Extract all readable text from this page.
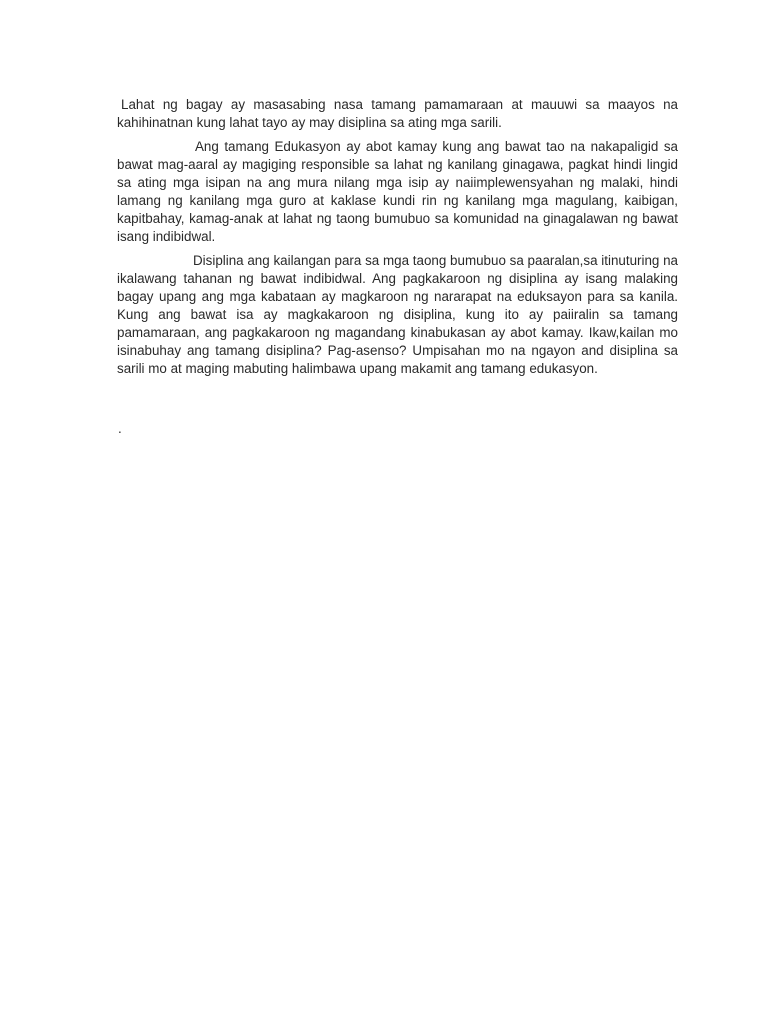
Lahat ng bagay ay masasabing nasa tamang pamamaraan at mauuwi sa maayos na kahihinatnan kung lahat tayo ay may disiplina sa ating mga sarili.

Ang tamang Edukasyon ay abot kamay kung ang bawat tao na nakapaligid sa bawat mag-aaral ay magiging responsible sa lahat ng kanilang ginagawa, pagkat hindi lingid sa ating mga isipan na ang mura nilang mga isip ay naiimplewensyahan ng malaki, hindi lamang ng kanilang mga guro at kaklase kundi rin ng kanilang mga magulang, kaibigan, kapitbahay, kamag-anak at lahat ng taong bumubuo sa komunidad na ginagalawan ng bawat isang indibidwal.

Disiplina ang kailangan para sa mga taong bumubuo sa paaralan,sa itinuturing na ikalawang tahanan ng bawat indibidwal. Ang pagkakaroon ng disiplina ay isang malaking bagay upang ang mga kabataan ay magkaroon ng nararapat na eduksayon para sa kanila. Kung ang bawat isa ay magkakaroon ng disiplina, kung ito ay paiiralin sa tamang pamamaraan, ang pagkakaroon ng magandang kinabukasan ay abot kamay. Ikaw,kailan mo isinabuhay ang tamang disiplina? Pag-asenso? Umpisahan mo na ngayon and disiplina sa sarili mo at maging mabuting halimbawa upang makamit ang tamang edukasyon.

.
